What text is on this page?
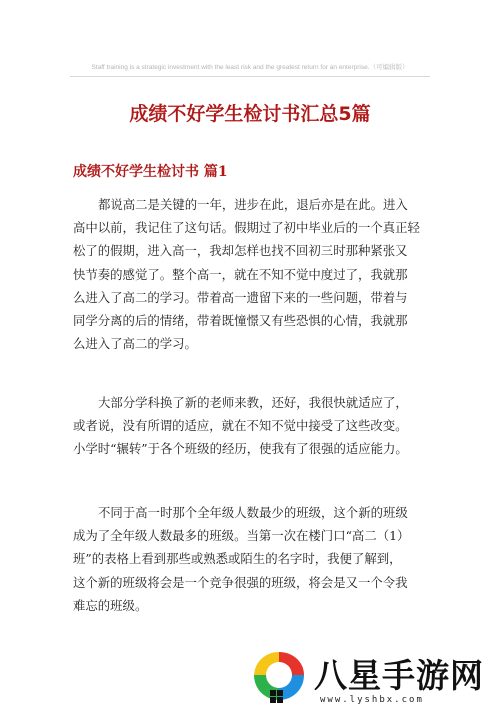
Staff training is a strategic investment with the least risk and the greatest return for an enterprise.（可编辑版）
成绩不好学生检讨书汇总5篇
成绩不好学生检讨书 篇1
都说高二是关键的一年，进步在此，退后亦是在此。进入
高中以前，我记住了这句话。假期过了初中毕业后的一个真正轻
松了的假期，进入高一，我却怎样也找不回初三时那种紧张又
快节奏的感觉了。整个高一，就在不知不觉中度过了，我就那
么进入了高二的学习。带着高一遗留下来的一些问题，带着与
同学分离的后的情绪，带着既憧憬又有些恐惧的心情，我就那
么进入了高二的学习。
大部分学科换了新的老师来教，还好，我很快就适应了，
或者说，没有所谓的适应，就在不知不觉中接受了这些改变。
小学时“辗转”于各个班级的经历，使我有了很强的适应能力。
不同于高一时那个全年级人数最少的班级，这个新的班级
成为了全年级人数最多的班级。当第一次在楼门口“高二（1）
班”的表格上看到那些或熟悉或陌生的名字时，我便了解到，
这个新的班级将会是一个竞争很强的班级，将会是又一个令我
难忘的班级。
八星手游网
www.lyshbx.com
